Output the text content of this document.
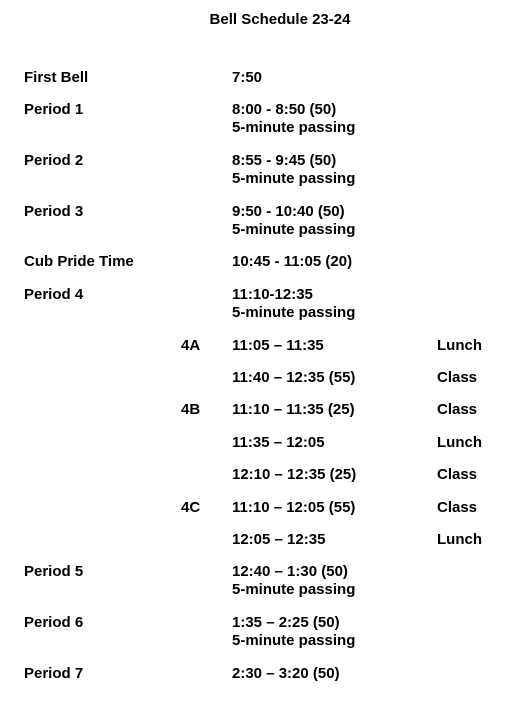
Bell Schedule 23-24
First Bell	7:50
Period 1	8:00 - 8:50 (50)
5-minute passing
Period 2	8:55 - 9:45 (50)
5-minute passing
Period 3	9:50 - 10:40 (50)
5-minute passing
Cub Pride Time	10:45 - 11:05 (20)
Period 4	11:10-12:35
5-minute passing
4A 11:05 – 11:35	Lunch
11:40 – 12:35 (55)	Class
4B 11:10 – 11:35 (25)	Class
11:35 – 12:05	Lunch
12:10 – 12:35 (25)	Class
4C 11:10 – 12:05 (55)	Class
12:05 – 12:35	Lunch
Period 5	12:40 – 1:30 (50)
5-minute passing
Period 6	1:35 – 2:25 (50)
5-minute passing
Period 7	2:30 – 3:20 (50)
